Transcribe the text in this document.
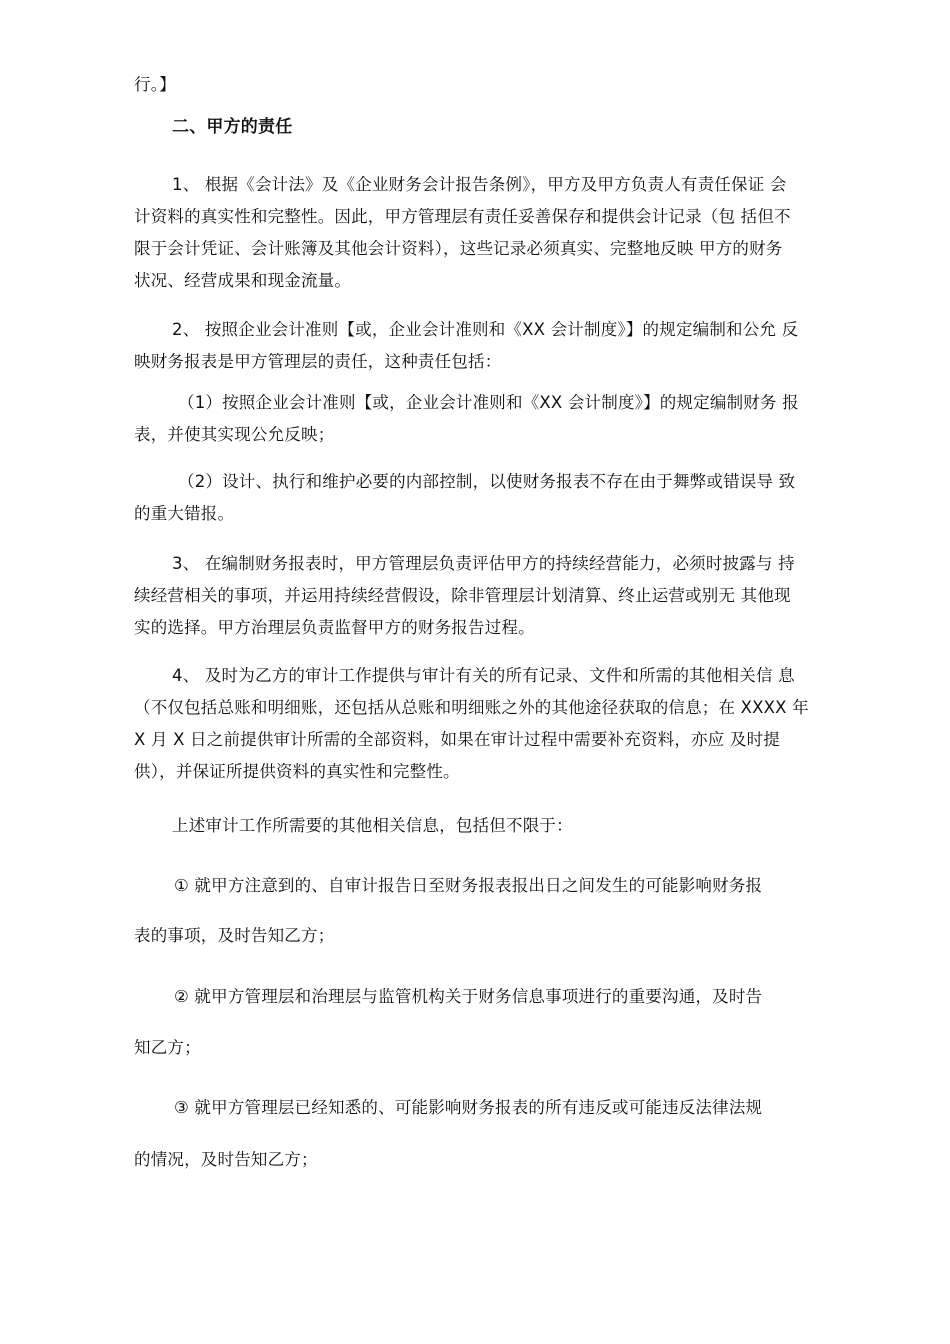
行。】
二、甲方的责任
1、 根据《会计法》及《企业财务会计报告条例》，甲方及甲方负责人有责任保证 会
计资料的真实性和完整性。因此，甲方管理层有责任妥善保存和提供会计记录（包 括但不
限于会计凭证、会计账簿及其他会计资料），这些记录必须真实、完整地反映 甲方的财务
状况、经营成果和现金流量。
2、 按照企业会计准则【或，企业会计准则和《XX 会计制度》】的规定编制和公允 反
映财务报表是甲方管理层的责任，这种责任包括：
（1）按照企业会计准则【或，企业会计准则和《XX 会计制度》】的规定编制财务 报
表，并使其实现公允反映；
（2）设计、执行和维护必要的内部控制，以使财务报表不存在由于舞弊或错误导 致
的重大错报。
3、 在编制财务报表时，甲方管理层负责评估甲方的持续经营能力，必须时披露与 持
续经营相关的事项，并运用持续经营假设，除非管理层计划清算、终止运营或别无 其他现
实的选择。甲方治理层负责监督甲方的财务报告过程。
4、 及时为乙方的审计工作提供与审计有关的所有记录、文件和所需的其他相关信 息
（不仅包括总账和明细账，还包括从总账和明细账之外的其他途径获取的信息；在 XXXX 年
X 月 X 日之前提供审计所需的全部资料，如果在审计过程中需要补充资料，亦应 及时提
供），并保证所提供资料的真实性和完整性。
上述审计工作所需要的其他相关信息，包括但不限于：
① 就甲方注意到的、自审计报告日至财务报表报出日之间发生的可能影响财务报
表的事项，及时告知乙方；
② 就甲方管理层和治理层与监管机构关于财务信息事项进行的重要沟通，及时告
知乙方；
③ 就甲方管理层已经知悉的、可能影响财务报表的所有违反或可能违反法律法规
的情况，及时告知乙方；
